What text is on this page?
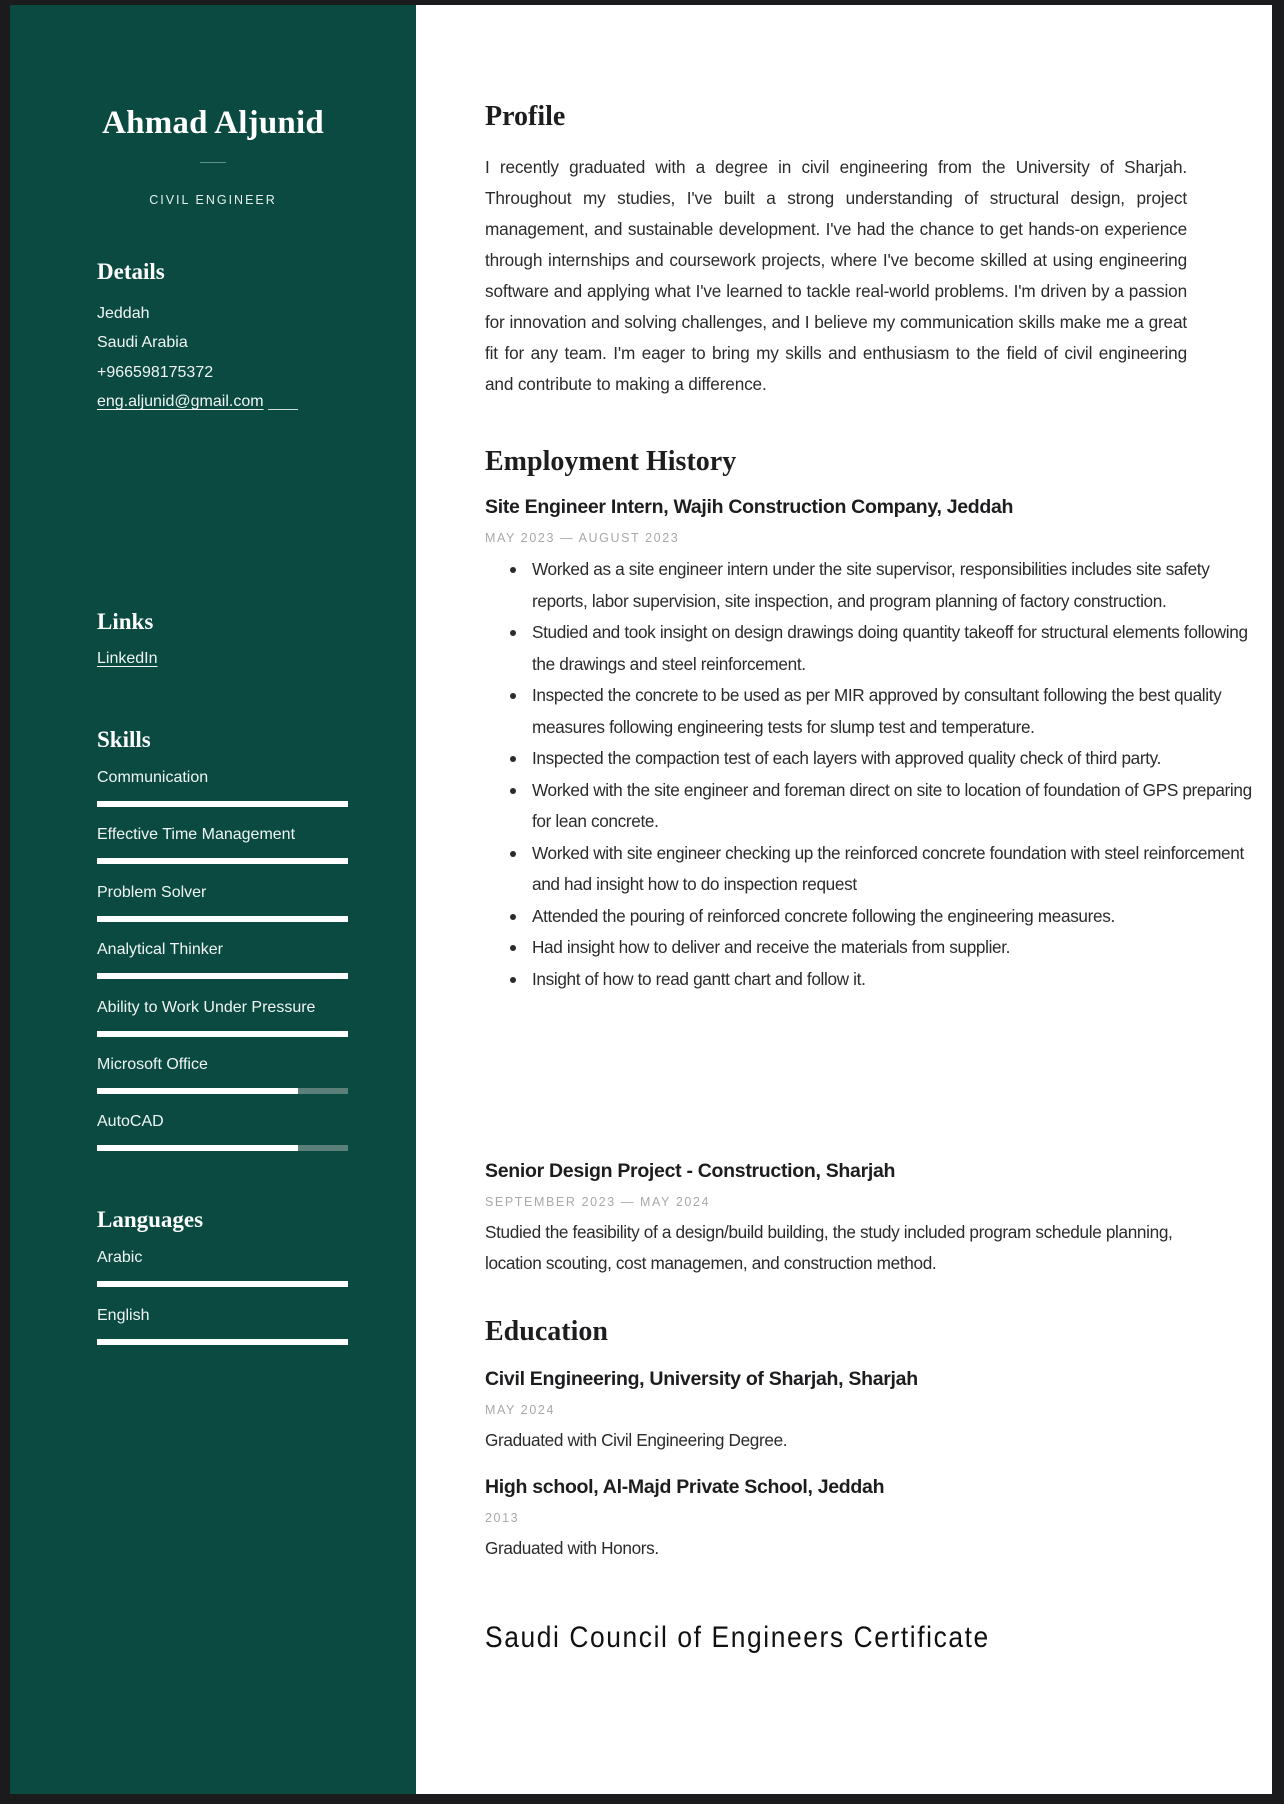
Ahmad Aljunid
CIVIL ENGINEER
Details
Jeddah
Saudi Arabia
+966598175372
eng.aljunid@gmail.com
Links
LinkedIn
Skills
Communication
Effective Time Management
Problem Solver
Analytical Thinker
Ability to Work Under Pressure
Microsoft Office
AutoCAD
Languages
Arabic
English
Profile
I recently graduated with a degree in civil engineering from the University of Sharjah. Throughout my studies, I've built a strong understanding of structural design, project management, and sustainable development. I've had the chance to get hands-on experience through internships and coursework projects, where I've become skilled at using engineering software and applying what I've learned to tackle real-world problems. I'm driven by a passion for innovation and solving challenges, and I believe my communication skills make me a great fit for any team. I'm eager to bring my skills and enthusiasm to the field of civil engineering and contribute to making a difference.
Employment History
Site Engineer Intern, Wajih Construction Company, Jeddah
MAY 2023 — AUGUST 2023
Worked as a site engineer intern under the site supervisor, responsibilities includes site safety reports, labor supervision, site inspection, and program planning of factory construction.
Studied and took insight on design drawings doing quantity takeoff for structural elements following the drawings and steel reinforcement.
Inspected the concrete to be used as per MIR approved by consultant following the best quality measures following engineering tests for slump test and temperature.
Inspected the compaction test of each layers with approved quality check of third party.
Worked with the site engineer and foreman direct on site to location of foundation of GPS preparing for lean concrete.
Worked with site engineer checking up the reinforced concrete foundation with steel reinforcement and had insight how to do inspection request
Attended the pouring of reinforced concrete following the engineering measures.
Had insight how to deliver and receive the materials from supplier.
Insight of how to read gantt chart and follow it.
Senior Design Project - Construction, Sharjah
SEPTEMBER 2023 — MAY 2024
Studied the feasibility of a design/build building, the study included program schedule planning, location scouting, cost managemen, and construction method.
Education
Civil Engineering, University of Sharjah, Sharjah
MAY 2024
Graduated with Civil Engineering Degree.
High school, Al-Majd Private School, Jeddah
2013
Graduated with Honors.
Saudi Council of Engineers Certificate
